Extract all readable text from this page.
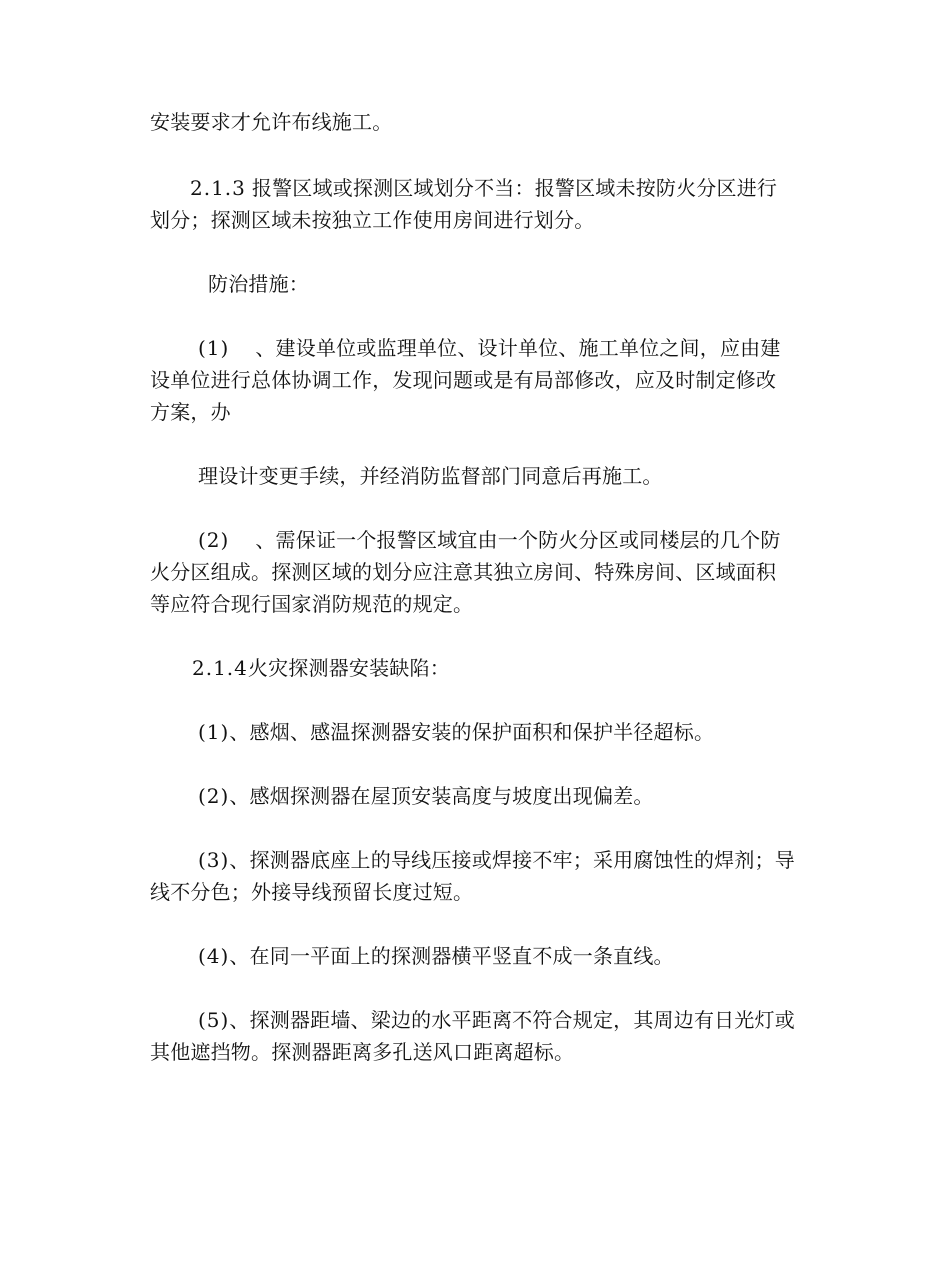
安装要求才允许布线施工。

2.1.3 报警区域或探测区域划分不当：报警区域未按防火分区进行划分；探测区域未按独立工作使用房间进行划分。

防治措施：

(1) 、建设单位或监理单位、设计单位、施工单位之间，应由建设单位进行总体协调工作，发现问题或是有局部修改，应及时制定修改方案，办

理设计变更手续，并经消防监督部门同意后再施工。

(2) 、需保证一个报警区域宜由一个防火分区或同楼层的几个防火分区组成。探测区域的划分应注意其独立房间、特殊房间、区域面积等应符合现行国家消防规范的规定。

2.1.4火灾探测器安装缺陷：

(1)、感烟、感温探测器安装的保护面积和保护半径超标。

(2)、感烟探测器在屋顶安装高度与坡度出现偏差。

(3)、探测器底座上的导线压接或焊接不牢；采用腐蚀性的焊剂；导线不分色；外接导线预留长度过短。

(4)、在同一平面上的探测器横平竖直不成一条直线。

(5)、探测器距墙、梁边的水平距离不符合规定，其周边有日光灯或其他遮挡物。探测器距离多孔送风口距离超标。
